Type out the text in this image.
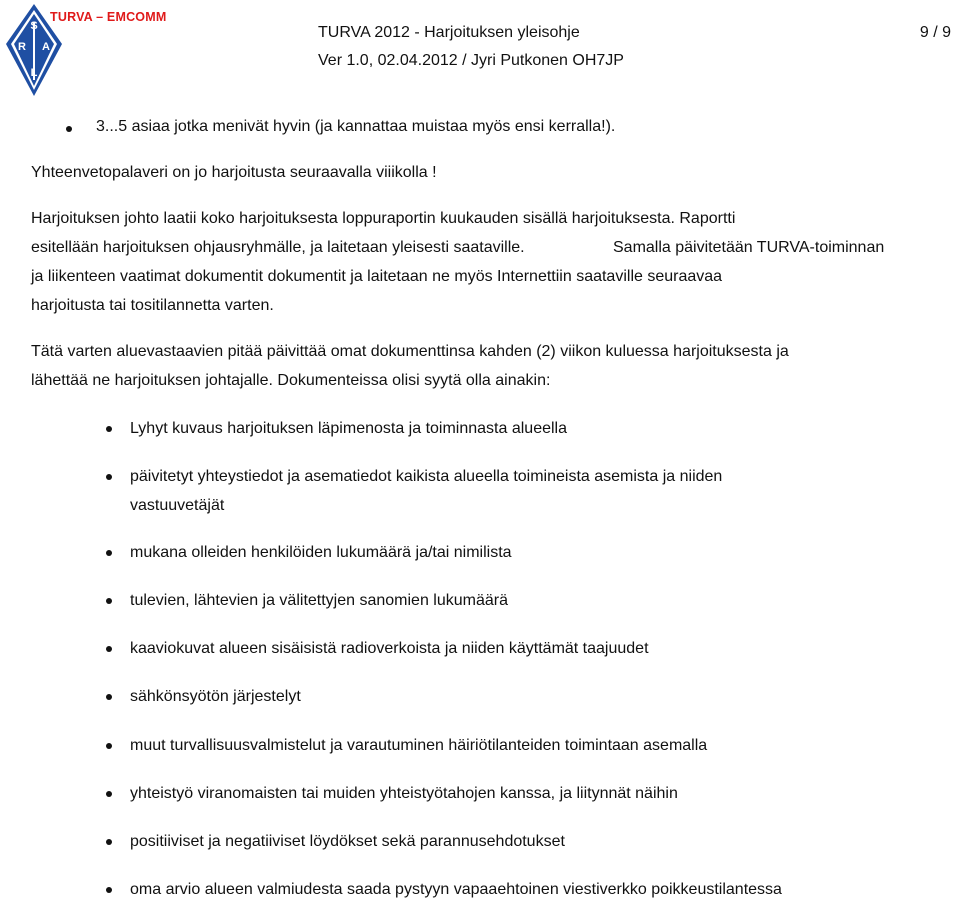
S
R A
L
TURVA – EMCOMM
TURVA 2012 - Harjoituksen yleisohje
Ver 1.0, 02.04.2012 / Jyri Putkonen OH7JP
9 / 9
3...5 asiaa jotka menivät hyvin (ja kannattaa muistaa myös ensi kerralla!).
Yhteenvetopalaveri on jo harjoitusta seuraavalla viiikolla !
Harjoituksen johto laatii koko harjoituksesta loppuraportin kuukauden sisällä harjoituksesta. Raportti
esitellään harjoituksen ohjausryhmälle, ja laitetaan yleisesti saataville.	Samalla päivitetään TURVA-toiminnan
ja liikenteen vaatimat dokumentit dokumentit ja laitetaan ne myös Internettiin saataville seuraavaa
harjoitusta tai tositilannetta varten.
Tätä varten aluevastaavien pitää päivittää omat dokumenttinsa kahden (2) viikon kuluessa harjoituksesta ja
lähettää ne harjoituksen johtajalle. Dokumenteissa olisi syytä olla ainakin:
Lyhyt kuvaus harjoituksen läpimenosta ja toiminnasta alueella
päivitetyt yhteystiedot ja asematiedot kaikista alueella toimineista asemista ja niiden
vastuuvetäjät
mukana olleiden henkilöiden lukumäärä ja/tai nimilista
tulevien, lähtevien ja välitettyjen sanomien lukumäärä
kaaviokuvat alueen sisäisistä radioverkoista ja niiden käyttämät taajuudet
sähkönsyötön järjestelyt
muut turvallisuusvalmistelut ja varautuminen häiriötilanteiden toimintaan asemalla
yhteistyö viranomaisten tai muiden yhteistyötahojen kanssa, ja liitynnät näihin
positiiviset ja negatiiviset löydökset sekä parannusehdotukset
oma arvio alueen valmiudesta saada pystyyn vapaaehtoinen viestiverkko poikkeustilantessa
